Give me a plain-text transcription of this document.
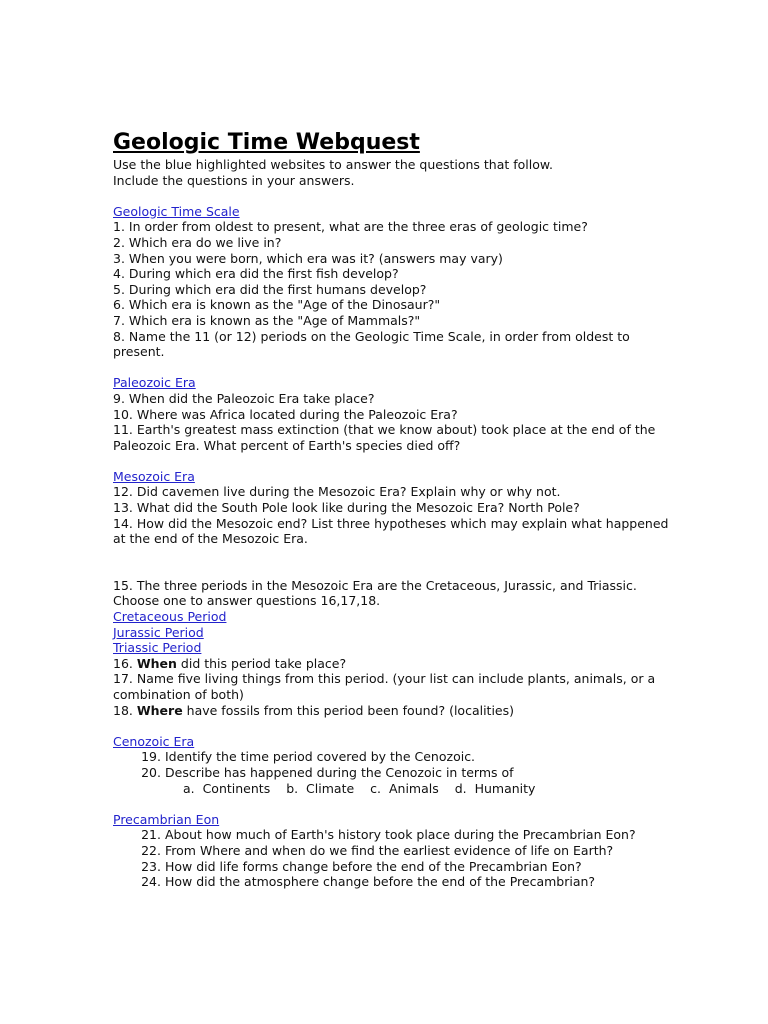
Geologic Time Webquest

Use the blue highlighted websites to answer the questions that follow.

Include the questions in your answers.

Geologic Time Scale

1. In order from oldest to present, what are the three eras of geologic time?

2. Which era do we live in?

3. When you were born, which era was it? (answers may vary)

4. During which era did the first fish develop?

5. During which era did the first humans develop?

6. Which era is known as the "Age of the Dinosaur?"

7. Which era is known as the "Age of Mammals?"

8. Name the 11 (or 12) periods on the Geologic Time Scale, in order from oldest to present.

Paleozoic Era

9. When did the Paleozoic Era take place?

10. Where was Africa located during the Paleozoic Era?

11. Earth's greatest mass extinction (that we know about) took place at the end of the Paleozoic Era. What percent of Earth's species died off?

Mesozoic Era

12. Did cavemen live during the Mesozoic Era? Explain why or why not.

13. What did the South Pole look like during the Mesozoic Era? North Pole?

14. How did the Mesozoic end? List three hypotheses which may explain what happened at the end of the Mesozoic Era.

15. The three periods in the Mesozoic Era are the Cretaceous, Jurassic, and Triassic. Choose one to answer questions 16,17,18.

Cretaceous Period
Jurassic Period
Triassic Period

16. When did this period take place?

17. Name five living things from this period. (your list can include plants, animals, or a combination of both)

18. Where have fossils from this period been found? (localities)

Cenozoic Era
19. Identify the time period covered by the Cenozoic.
20. Describe has happened during the Cenozoic in terms of
a.  Continents b.  Climate c.  Animals d.  Humanity
Precambrian Eon
21. About how much of Earth's history took place during the Precambrian Eon?
22. From Where and when do we find the earliest evidence of life on Earth?
23. How did life forms change before the end of the Precambrian Eon?
24. How did the atmosphere change before the end of the Precambrian?
